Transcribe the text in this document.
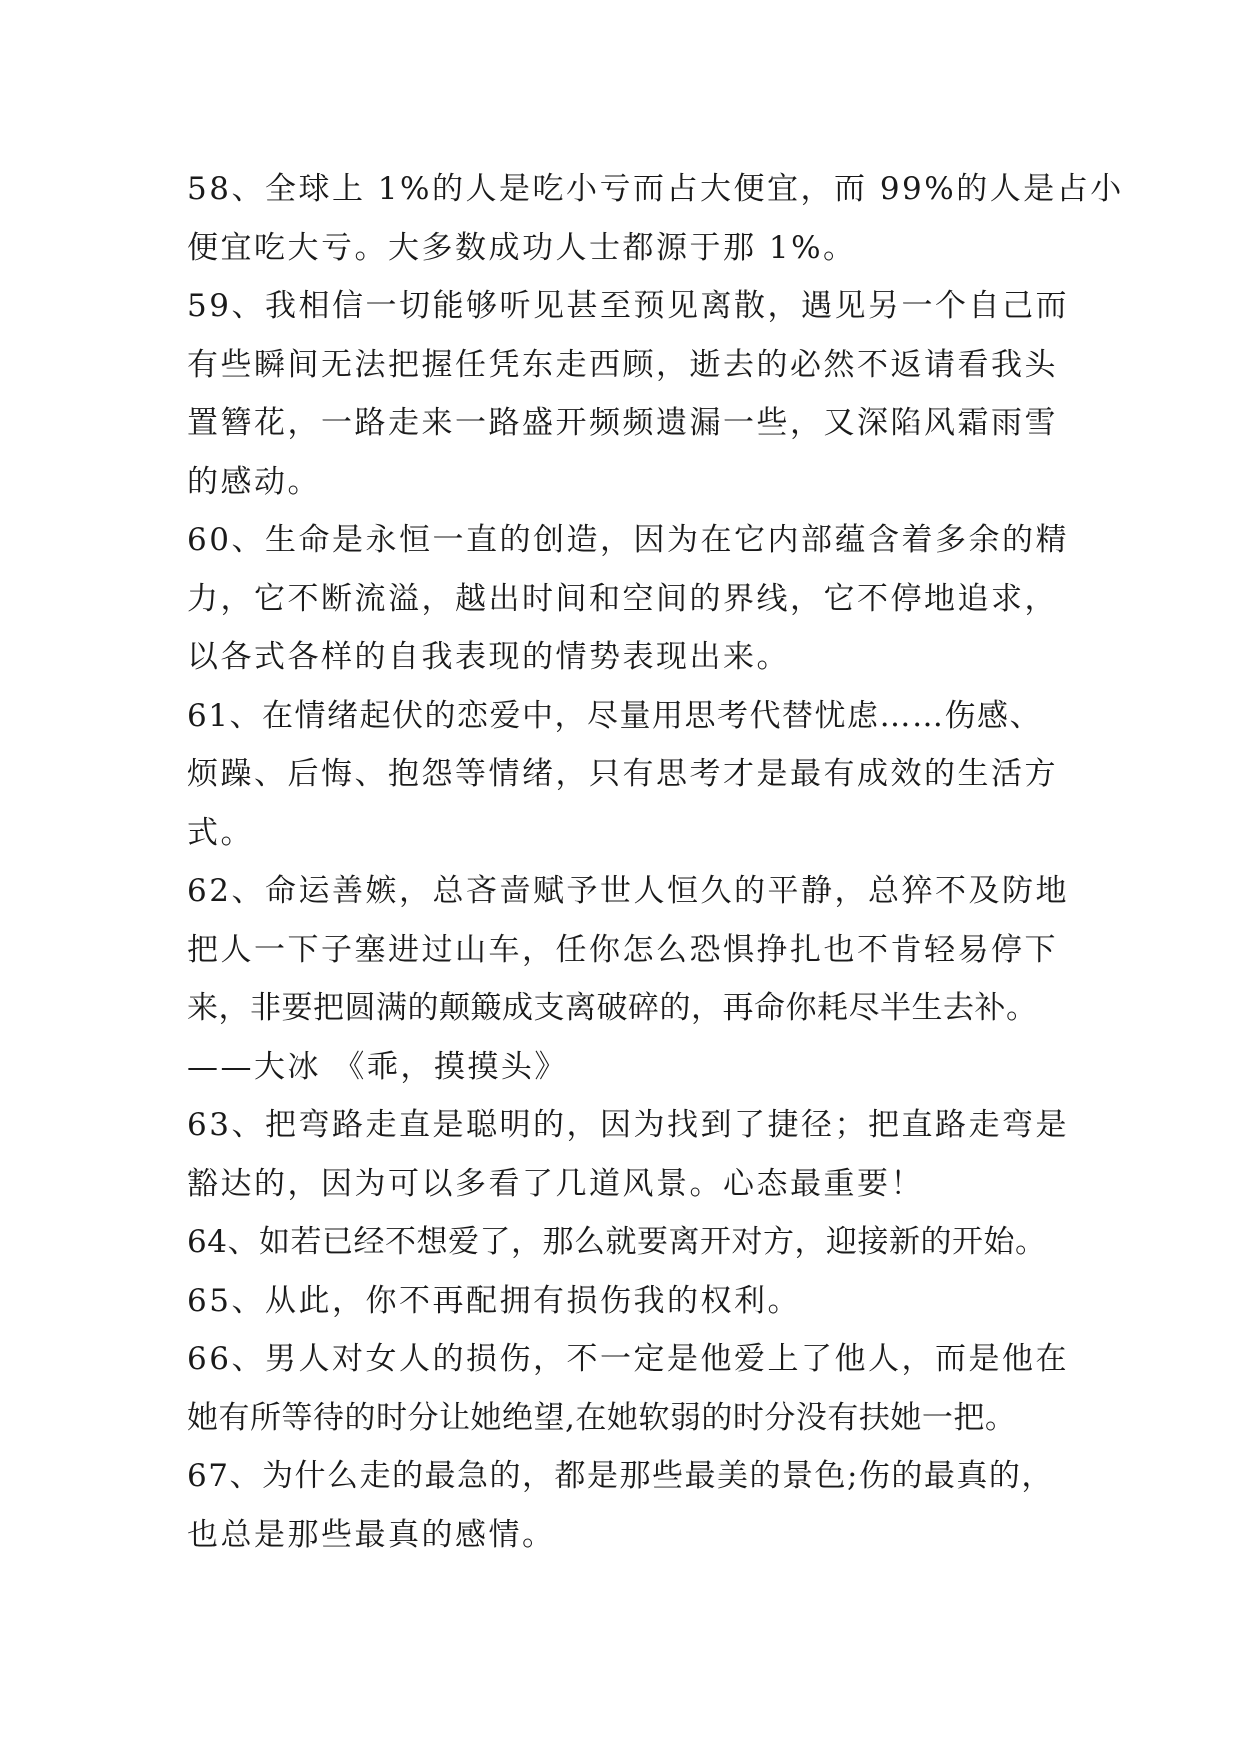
58、全球上 1%的人是吃小亏而占大便宜，而 99%的人是占小
便宜吃大亏。大多数成功人士都源于那 1%。
59、我相信一切能够听见甚至预见离散，遇见另一个自己而
有些瞬间无法把握任凭东走西顾，逝去的必然不返请看我头
置簪花，一路走来一路盛开频频遗漏一些，又深陷风霜雨雪
的感动。
60、生命是永恒一直的创造，因为在它内部蕴含着多余的精
力，它不断流溢，越出时间和空间的界线，它不停地追求，
以各式各样的自我表现的情势表现出来。
61、在情绪起伏的恋爱中，尽量用思考代替忧虑……伤感、
烦躁、后悔、抱怨等情绪，只有思考才是最有成效的生活方
式。
62、命运善嫉，总吝啬赋予世人恒久的平静，总猝不及防地
把人一下子塞进过山车，任你怎么恐惧挣扎也不肯轻易停下
来，非要把圆满的颠簸成支离破碎的，再命你耗尽半生去补。
——大冰 《乖，摸摸头》
63、把弯路走直是聪明的，因为找到了捷径；把直路走弯是
豁达的，因为可以多看了几道风景。心态最重要！
64、如若已经不想爱了，那么就要离开对方，迎接新的开始。
65、从此，你不再配拥有损伤我的权利。
66、男人对女人的损伤，不一定是他爱上了他人，而是他在
她有所等待的时分让她绝望,在她软弱的时分没有扶她一把。
67、为什么走的最急的，都是那些最美的景色;伤的最真的，
也总是那些最真的感情。
